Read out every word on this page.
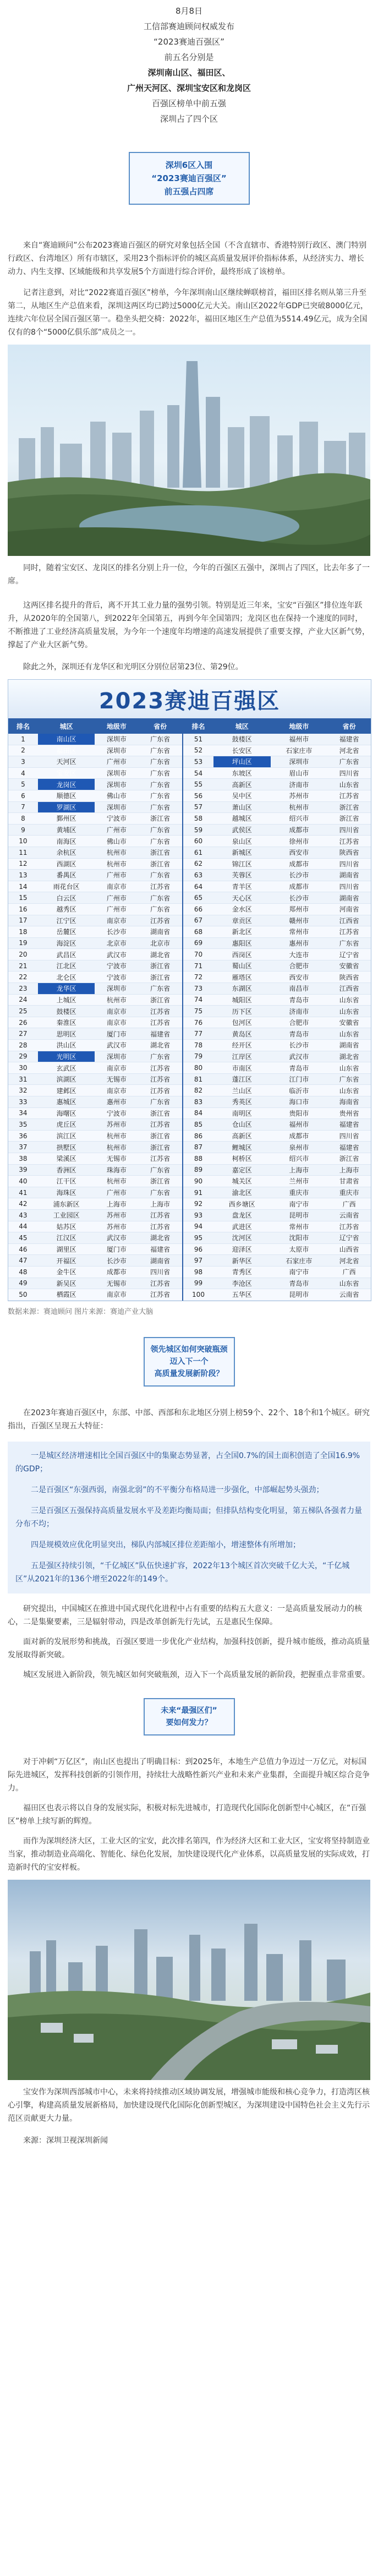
8月8日

工信部赛迪顾问权威发布

“2023赛迪百强区”

前五名分别是

深圳南山区、福田区、

广州天河区、深圳宝安区和龙岗区

百强区榜单中前五强

深圳占了四个区

深圳6区入围

“2023赛迪百强区”

前五强占四席

来自“赛迪顾问”公布2023赛迪百强区的研究对象包括全国（不含直辖市、香港特别行政区、澳门特别行政区、台湾地区）所有市辖区，采用23个指标评价的城区高质量发展评价指标体系，从经济实力、增长动力、内生支撑、区域能级和共享发展5个方面进行综合评价，最终形成了该榜单。

记者注意到，对比“2022赛道百强区”榜单，今年深圳南山区继续蝉联榜首，福田区排名则从第三升至第二，从地区生产总值来看，深圳这两区均已跨过5000亿元大关。南山区2022年GDP已突破8000亿元，连续六年位居全国百强区第一。稳坐头把交椅：2022年，福田区地区生产总值为5514.49亿元，成为全国仅有的8个“5000亿俱乐部”成员之一。

同时，随着宝安区、龙岗区的排名分别上升一位，今年的百强区五强中，深圳占了四区，比去年多了一席。

这两区排名提升的背后，离不开其工业力量的强势引领。特别是近三年来，宝安“百强区”排位连年跃升，从2020年的全国第八，到2022年全国第五，再到今年全国第四；龙岗区也在保持一个速度的同时，不断推进了工业经济高质量发展，为今年一个速度年均增速的高速发展提供了重要支撑，产业大区新气势，撑起了产业大区新气势。

除此之外，深圳还有龙华区和光明区分别位居第23位、第29位。

2023赛迪百强区
排名	城区	地级市	省份	排名	城区	地级市	省份
1	南山区	深圳市	广东省	51	鼓楼区	福州市	福建省
2	福田区	深圳市	广东省	52	长安区	石家庄市	河北省
3	天河区	广州市	广东省	53	坪山区	深圳市	广东省
4	宝安区	深圳市	广东省	54	东坡区	眉山市	四川省
5	龙岗区	深圳市	广东省	55	高新区	济南市	山东省
6	顺德区	佛山市	广东省	56	吴中区	苏州市	江苏省
7	罗湖区	深圳市	广东省	57	萧山区	杭州市	浙江省
8	鄞州区	宁波市	浙江省	58	越城区	绍兴市	浙江省
9	黄埔区	广州市	广东省	59	武侯区	成都市	四川省
10	南海区	佛山市	广东省	60	泉山区	徐州市	江苏省
11	余杭区	杭州市	浙江省	61	新城区	西安市	陕西省
12	西湖区	杭州市	浙江省	62	锦江区	成都市	四川省
13	番禺区	广州市	广东省	63	芙蓉区	长沙市	湖南省
14	雨花台区	南京市	江苏省	64	青羊区	成都市	四川省
15	白云区	广州市	广东省	65	天心区	长沙市	湖南省
16	越秀区	广州市	广东省	66	金水区	郑州市	河南省
17	江宁区	南京市	江苏省	67	章贡区	赣州市	江西省
18	岳麓区	长沙市	湖南省	68	新北区	常州市	江苏省
19	海淀区	北京市	北京市	69	惠阳区	惠州市	广东省
20	武昌区	武汉市	湖北省	70	西岗区	大连市	辽宁省
21	江北区	宁波市	浙江省	71	蜀山区	合肥市	安徽省
22	北仑区	宁波市	浙江省	72	雁塔区	西安市	陕西省
23	龙华区	深圳市	广东省	73	东湖区	南昌市	江西省
24	上城区	杭州市	浙江省	74	城阳区	青岛市	山东省
25	鼓楼区	南京市	江苏省	75	历下区	济南市	山东省
26	秦淮区	南京市	江苏省	76	包河区	合肥市	安徽省
27	思明区	厦门市	福建省	77	黄岛区	青岛市	山东省
28	洪山区	武汉市	湖北省	78	经开区	长沙市	湖南省
29	光明区	深圳市	广东省	79	江岸区	武汉市	湖北省
30	玄武区	南京市	江苏省	80	市南区	青岛市	山东省
31	滨湖区	无锡市	江苏省	81	蓬江区	江门市	广东省
32	建邺区	南京市	江苏省	82	兰山区	临沂市	山东省
33	惠城区	惠州市	广东省	83	秀英区	海口市	海南省
34	海曙区	宁波市	浙江省	84	南明区	贵阳市	贵州省
35	虎丘区	苏州市	江苏省	85	仓山区	福州市	福建省
36	滨江区	杭州市	浙江省	86	高新区	成都市	四川省
37	拱墅区	杭州市	浙江省	87	鲤城区	泉州市	福建省
38	梁溪区	无锡市	江苏省	88	柯桥区	绍兴市	浙江省
39	香洲区	珠海市	广东省	89	嘉定区	上海市	上海市
40	江干区	杭州市	浙江省	90	城关区	兰州市	甘肃省
41	海珠区	广州市	广东省	91	渝北区	重庆市	重庆市
42	浦东新区	上海市	上海市	92	西乡塘区	南宁市	广西
43	工业园区	苏州市	江苏省	93	盘龙区	昆明市	云南省
44	姑苏区	苏州市	江苏省	94	武进区	常州市	江苏省
45	江汉区	武汉市	湖北省	95	沈河区	沈阳市	辽宁省
46	湖里区	厦门市	福建省	96	迎泽区	太原市	山西省
47	开福区	长沙市	湖南省	97	新华区	石家庄市	河北省
48	金牛区	成都市	四川省	98	青秀区	南宁市	广西
49	新吴区	无锡市	江苏省	99	李沧区	青岛市	山东省
50	栖霞区	南京市	江苏省	100	五华区	昆明市	云南省
数据来源：赛迪顾问 图片来源：赛迪产业大脑

领先城区如何突破瓶颈

迈入下一个

高质量发展新阶段？

在2023年赛迪百强区中，东部、中部、西部和东北地区分别上榜59个、22个、18个和1个城区。研究指出，百强区呈现五大特征：

一是城区经济增速相比全国百强区中的集聚态势显著，占全国0.7%的国土面积创造了全国16.9%的GDP；

二是百强区“东强西弱，南强北弱”的不平衡分布格局进一步强化，中部崛起势头强劲；

三是百强区五强保持高质量发展水平及差距均衡局面；但排队结构变化明显，第五梯队各强者力量分布不均；

四是规模效应优化明显突出，梯队内部城区排位差距缩小，增速整体有所增加；

五是强区持续引领，“千亿城区”队伍快速扩容，2022年13个城区首次突破千亿大关，“千亿城区”从2021年的136个增至2022年的149个。

研究提出，中国城区在推进中国式现代化进程中占有重要的结构五大意义：一是高质量发展动力的核心，二是集聚要素，三是辐射带动，四是改革创新先行先试，五是惠民生保障。

面对新的发展形势和挑战，百强区要进一步优化产业结构，加强科技创新，提升城市能级，推动高质量发展取得新突破。

城区发展进入新阶段，领先城区如何突破瓶颈，迈入下一个高质量发展的新阶段，把握重点非常重要。

未来“最强区们”

要如何发力？

对于冲刺“万亿区”，南山区也提出了明确目标：到2025年，本地生产总值力争迈过一万亿元，对标国际先进城区，发挥科技创新的引领作用，持续壮大战略性新兴产业和未来产业集群，全面提升城区综合竞争力。

福田区也表示将以自身的发展实际，积极对标先进城市，打造现代化国际化创新型中心城区，在“百强区”榜单上续写新的辉煌。

而作为深圳经济大区，工业大区的宝安，此次排名第四，作为经济大区和工业大区，宝安将坚持制造业当家，推动制造业高端化、智能化、绿色化发展，加快建设现代化产业体系，以高质量发展的实际成效，打造新时代的宝安样板。

宝安作为深圳西部城市中心，未来将持续推动区域协调发展，增强城市能级和核心竞争力，打造湾区核心引擎，构建高质量发展新格局，加快建设现代化国际化创新型城区，为深圳建设中国特色社会主义先行示范区贡献更大力量。

来源：深圳卫视深圳新闻
